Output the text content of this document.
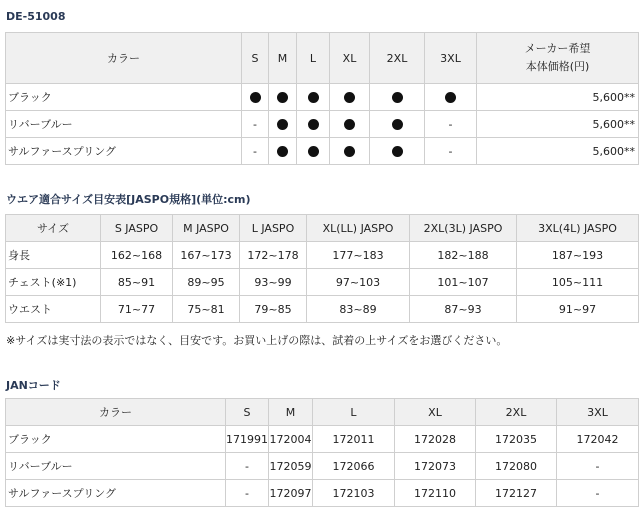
DE-51008
カラー	S	M	L	XL	2XL	3XL	メーカー希望
本体価格(円)

ブラック							5,600**
リバーブルー	-					-	5,600**
サルファースプリング	-					-	5,600**
ウエア適合サイズ目安表[JASPO規格](単位:cm)
サイズ	S JASPO	M JASPO	L JASPO	XL(LL) JASPO	2XL(3L) JASPO	3XL(4L) JASPO
身長	162~168	167~173	172~178	177~183	182~188	187~193
チェスト(※1)	85~91	89~95	93~99	97~103	101~107	105~111
ウエスト	71~77	75~81	79~85	83~89	87~93	91~97
※サイズは実寸法の表示ではなく、目安です。お買い上げの際は、試着の上サイズをお選びください。
JANコード
カラー	S	M	L	XL	2XL	3XL
ブラック	171991	172004	172011	172028	172035	172042
リバーブルー	-	172059	172066	172073	172080	-
サルファースプリング	-	172097	172103	172110	172127	-
